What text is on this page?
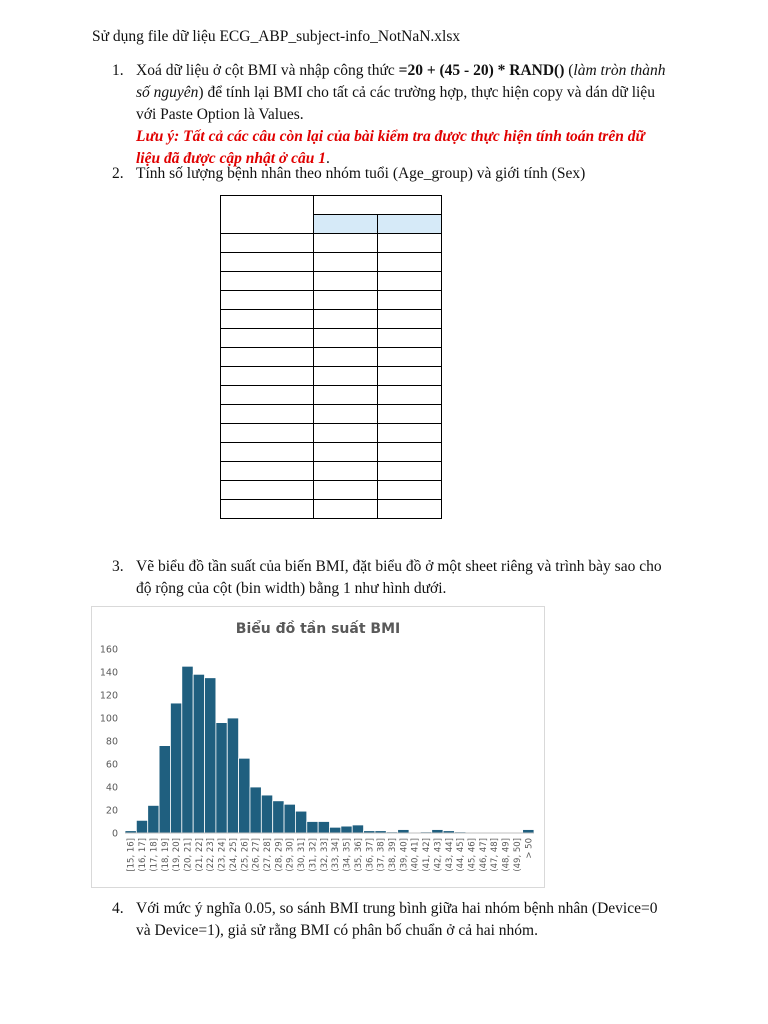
Sử dụng file dữ liệu ECG_ABP_subject-info_NotNaN.xlsx
1. Xoá dữ liệu ở cột BMI và nhập công thức =20 + (45 - 20) * RAND() (làm tròn thành số nguyên) để tính lại BMI cho tất cả các trường hợp, thực hiện copy và dán dữ liệu với Paste Option là Values.
Lưu ý: Tất cả các câu còn lại của bài kiểm tra được thực hiện tính toán trên dữ liệu đã được cập nhật ở câu 1.
2. Tính số lượng bệnh nhân theo nhóm tuổi (Age_group) và giới tính (Sex)

3. Vẽ biểu đồ tần suất của biến BMI, đặt biểu đồ ở một sheet riêng và trình bày sao cho độ rộng của cột (bin width) bằng 1 như hình dưới.
Biểu đồ tần suất BMI
0
20
40
60
80
100
120
140
160
[15, 16] (16, 17] (17, 18] (18, 19] (19, 20] (20, 21] (21, 22] (22, 23] (23, 24] (24, 25] (25, 26] (26, 27] (27, 28] (28, 29] (29, 30] (30, 31] (31, 32] (32, 33] (33, 34] (34, 35] (35, 36] (36, 37] (37, 38] (38, 39] (39, 40] (40, 41] (41, 42] (42, 43] (43, 44] (44, 45] (45, 46] (46, 47] (47, 48] (48, 49] (49, 50] > 50
4. Với mức ý nghĩa 0.05, so sánh BMI trung bình giữa hai nhóm bệnh nhân (Device=0 và Device=1), giả sử rằng BMI có phân bố chuẩn ở cả hai nhóm.
